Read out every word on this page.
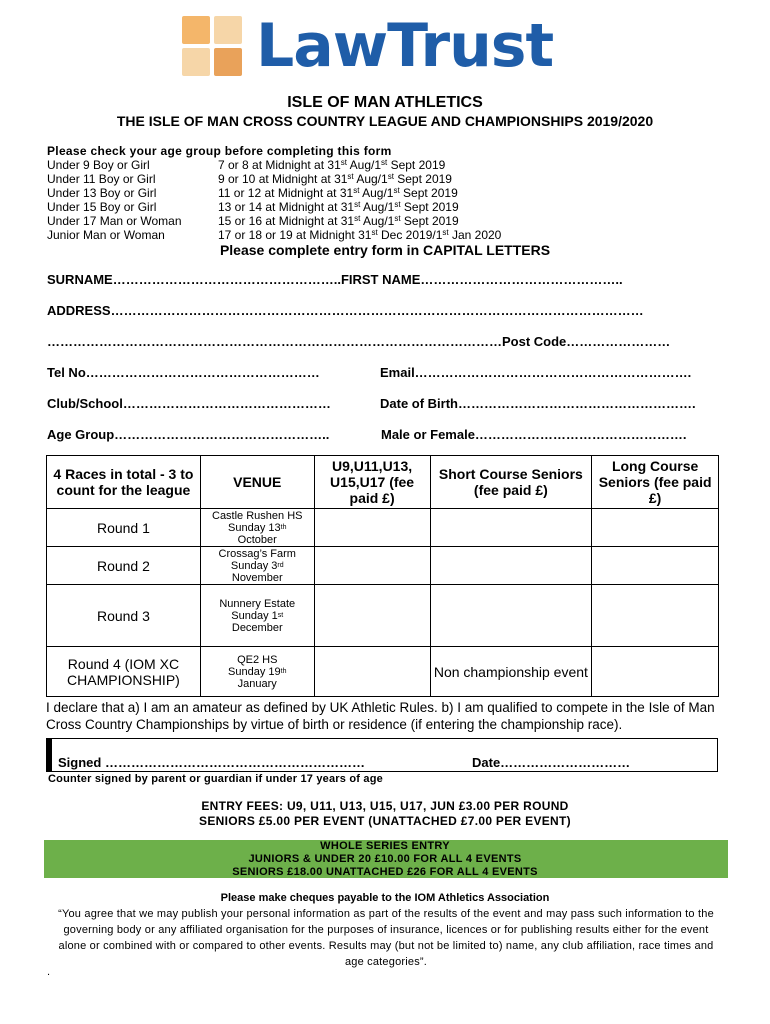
LawTrust
ISLE OF MAN ATHLETICS
THE ISLE OF MAN CROSS COUNTRY LEAGUE AND CHAMPIONSHIPS 2019/2020
Please check your age group before completing this form
Under 9 Boy or Girl	7 or 8 at Midnight at 31st Aug/1st Sept 2019
Under 11 Boy or Girl	9 or 10 at Midnight at 31st Aug/1st Sept 2019
Under 13 Boy or Girl	11 or 12 at Midnight at 31st Aug/1st Sept 2019
Under 15 Boy or Girl	13 or 14 at Midnight at 31st Aug/1st Sept 2019
Under 17 Man or Woman	15 or 16 at Midnight at 31st Aug/1st Sept 2019
Junior Man or Woman	17 or 18 or 19 at Midnight 31st Dec 2019/1st Jan 2020
Please complete entry form in CAPITAL LETTERS
SURNAME……………………………………………..FIRST NAME………………………………………..
ADDRESS……………………………………………………………………………………………………………
……………………………………………………………………………………………Post Code……………………
Tel No………………………………………………	Email……………………………………………………….
Club/School…………………………………………	Date of Birth……………………………………………….
Age Group…………………………………………..	Male or Female………………………………………….
4 Races in total - 3 to count for the league	VENUE	U9,U11,U13, U15,U17 (fee paid £)	Short Course Seniors (fee paid £)	Long Course Seniors (fee paid £)
Round 1	Castle Rushen HS
Sunday 13th
October			
Round 2	Crossag’s Farm
Sunday 3rd
November			
Round 3	Nunnery Estate
Sunday 1st
December			
Round 4 (IOM XC CHAMPIONSHIP)	QE2 HS
Sunday 19th
January		Non championship event	
I declare that a) I am an amateur as defined by UK Athletic Rules. b) I am qualified to compete in the Isle of Man Cross Country Championships by virtue of birth or residence (if entering the championship race).
Signed ……………………………………………………	Date…………………………
Counter signed by parent or guardian if under 17 years of age
ENTRY FEES: U9, U11, U13, U15, U17, JUN £3.00 PER ROUND
SENIORS £5.00 PER EVENT (UNATTACHED £7.00 PER EVENT)
WHOLE SERIES ENTRY
JUNIORS & UNDER 20 £10.00 FOR ALL 4 EVENTS
SENIORS £18.00 UNATTACHED £26 FOR ALL 4 EVENTS
Please make cheques payable to the IOM Athletics Association
“You agree that we may publish your personal information as part of the results of the event and may pass such information to the governing body or any affiliated organisation for the purposes of insurance, licences or for publishing results either for the event alone or combined with or compared to other events. Results may (but not be limited to) name, any club affiliation, race times and age categories”.
.
